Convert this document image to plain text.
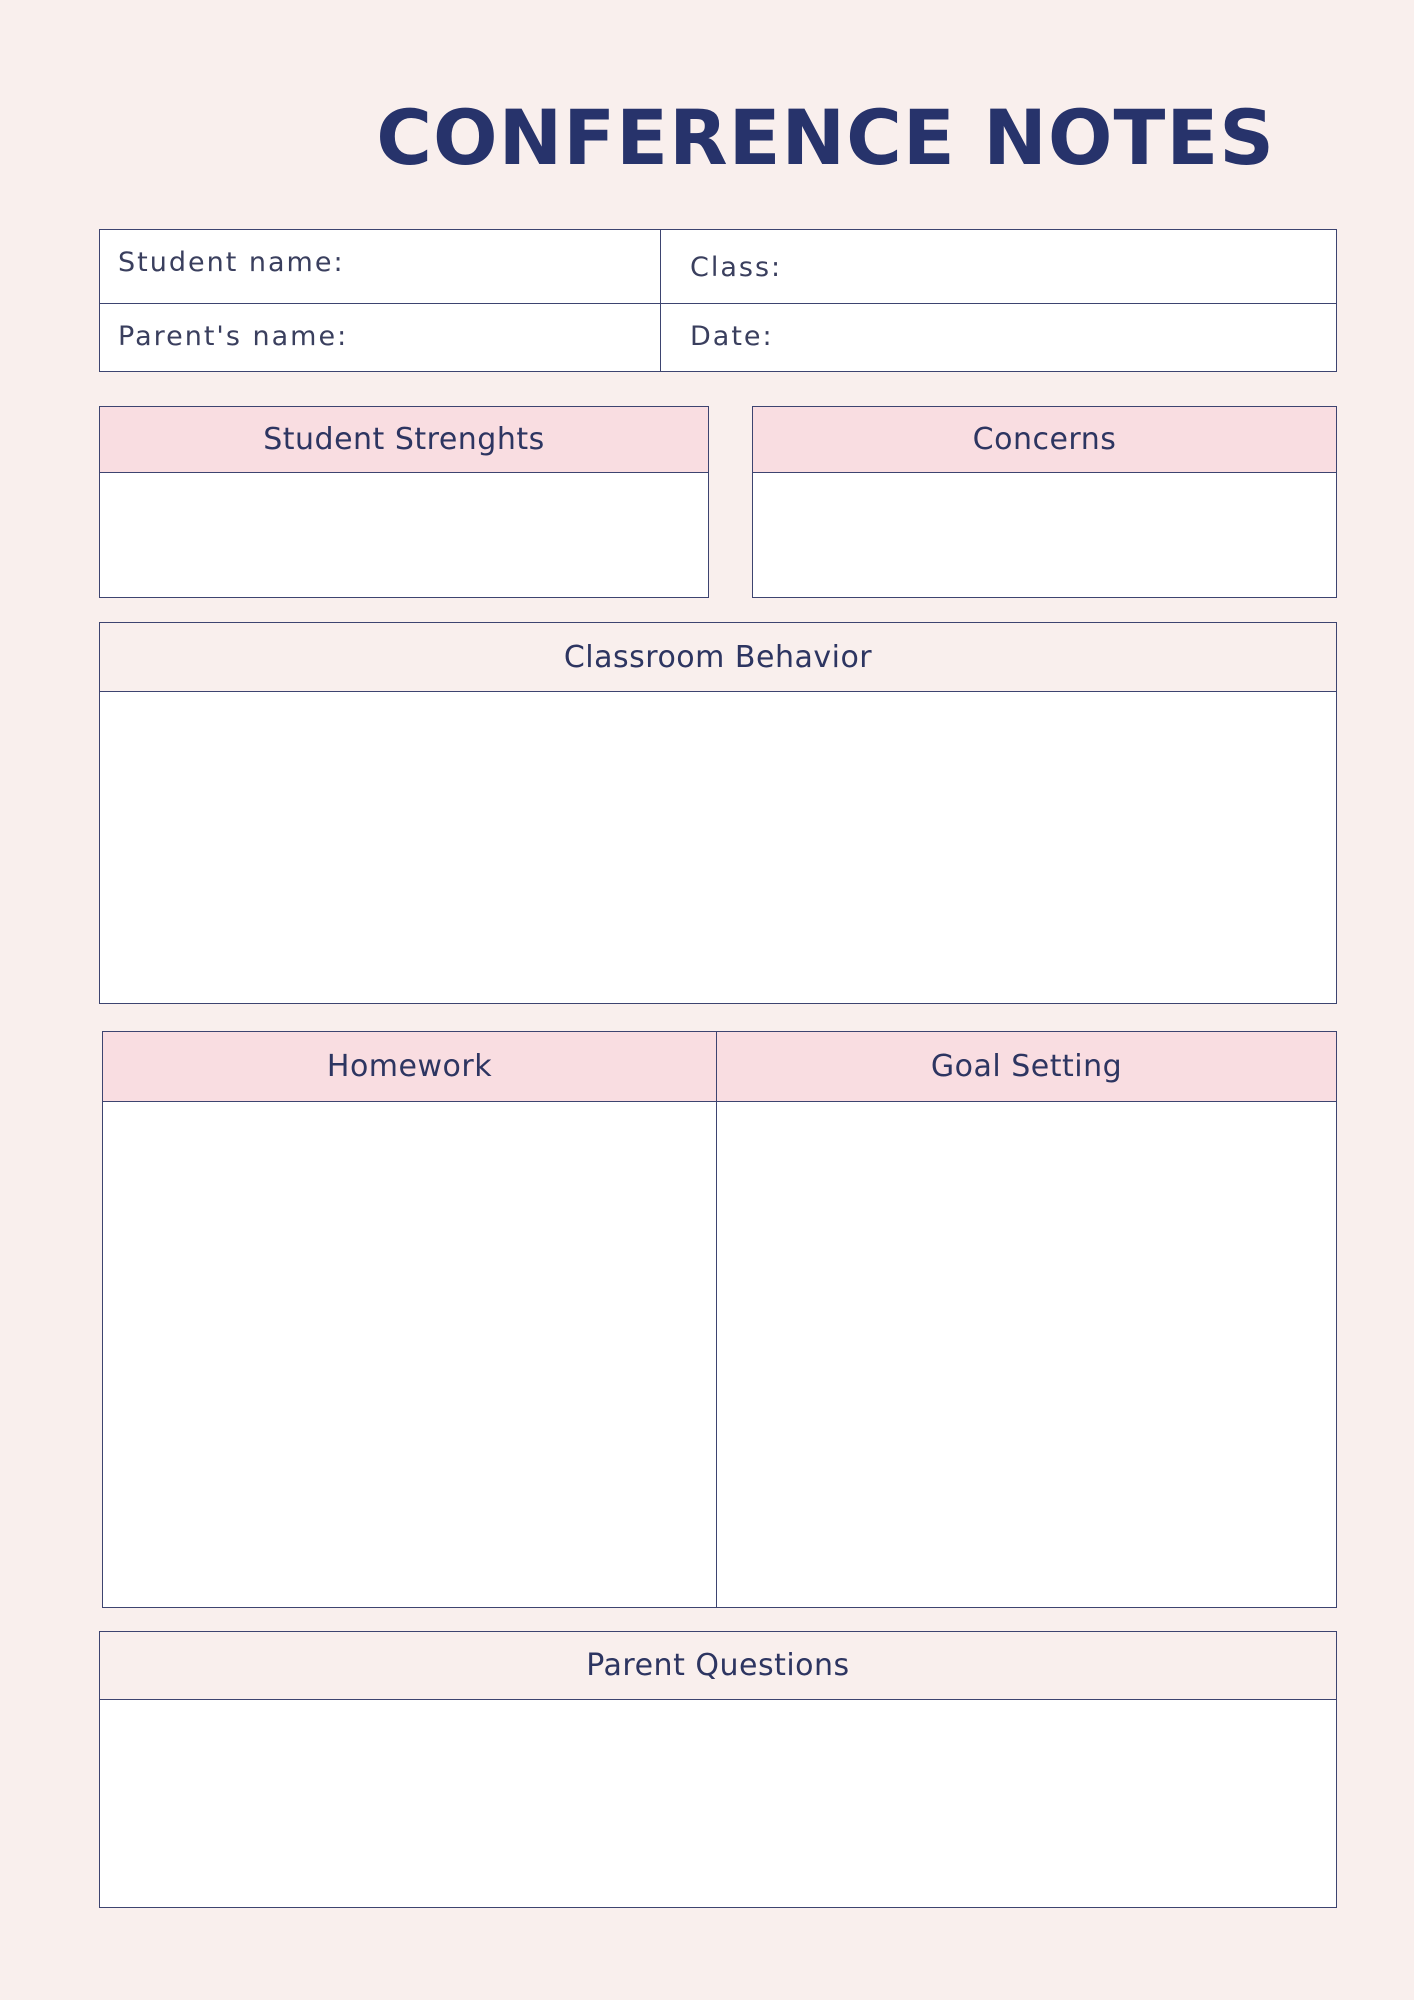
CONFERENCE NOTES
Student name:	Class:
Parent's name:	Date:
Student Strenghts	Concerns
Classroom Behavior
Homework	Goal Setting
Parent Questions
